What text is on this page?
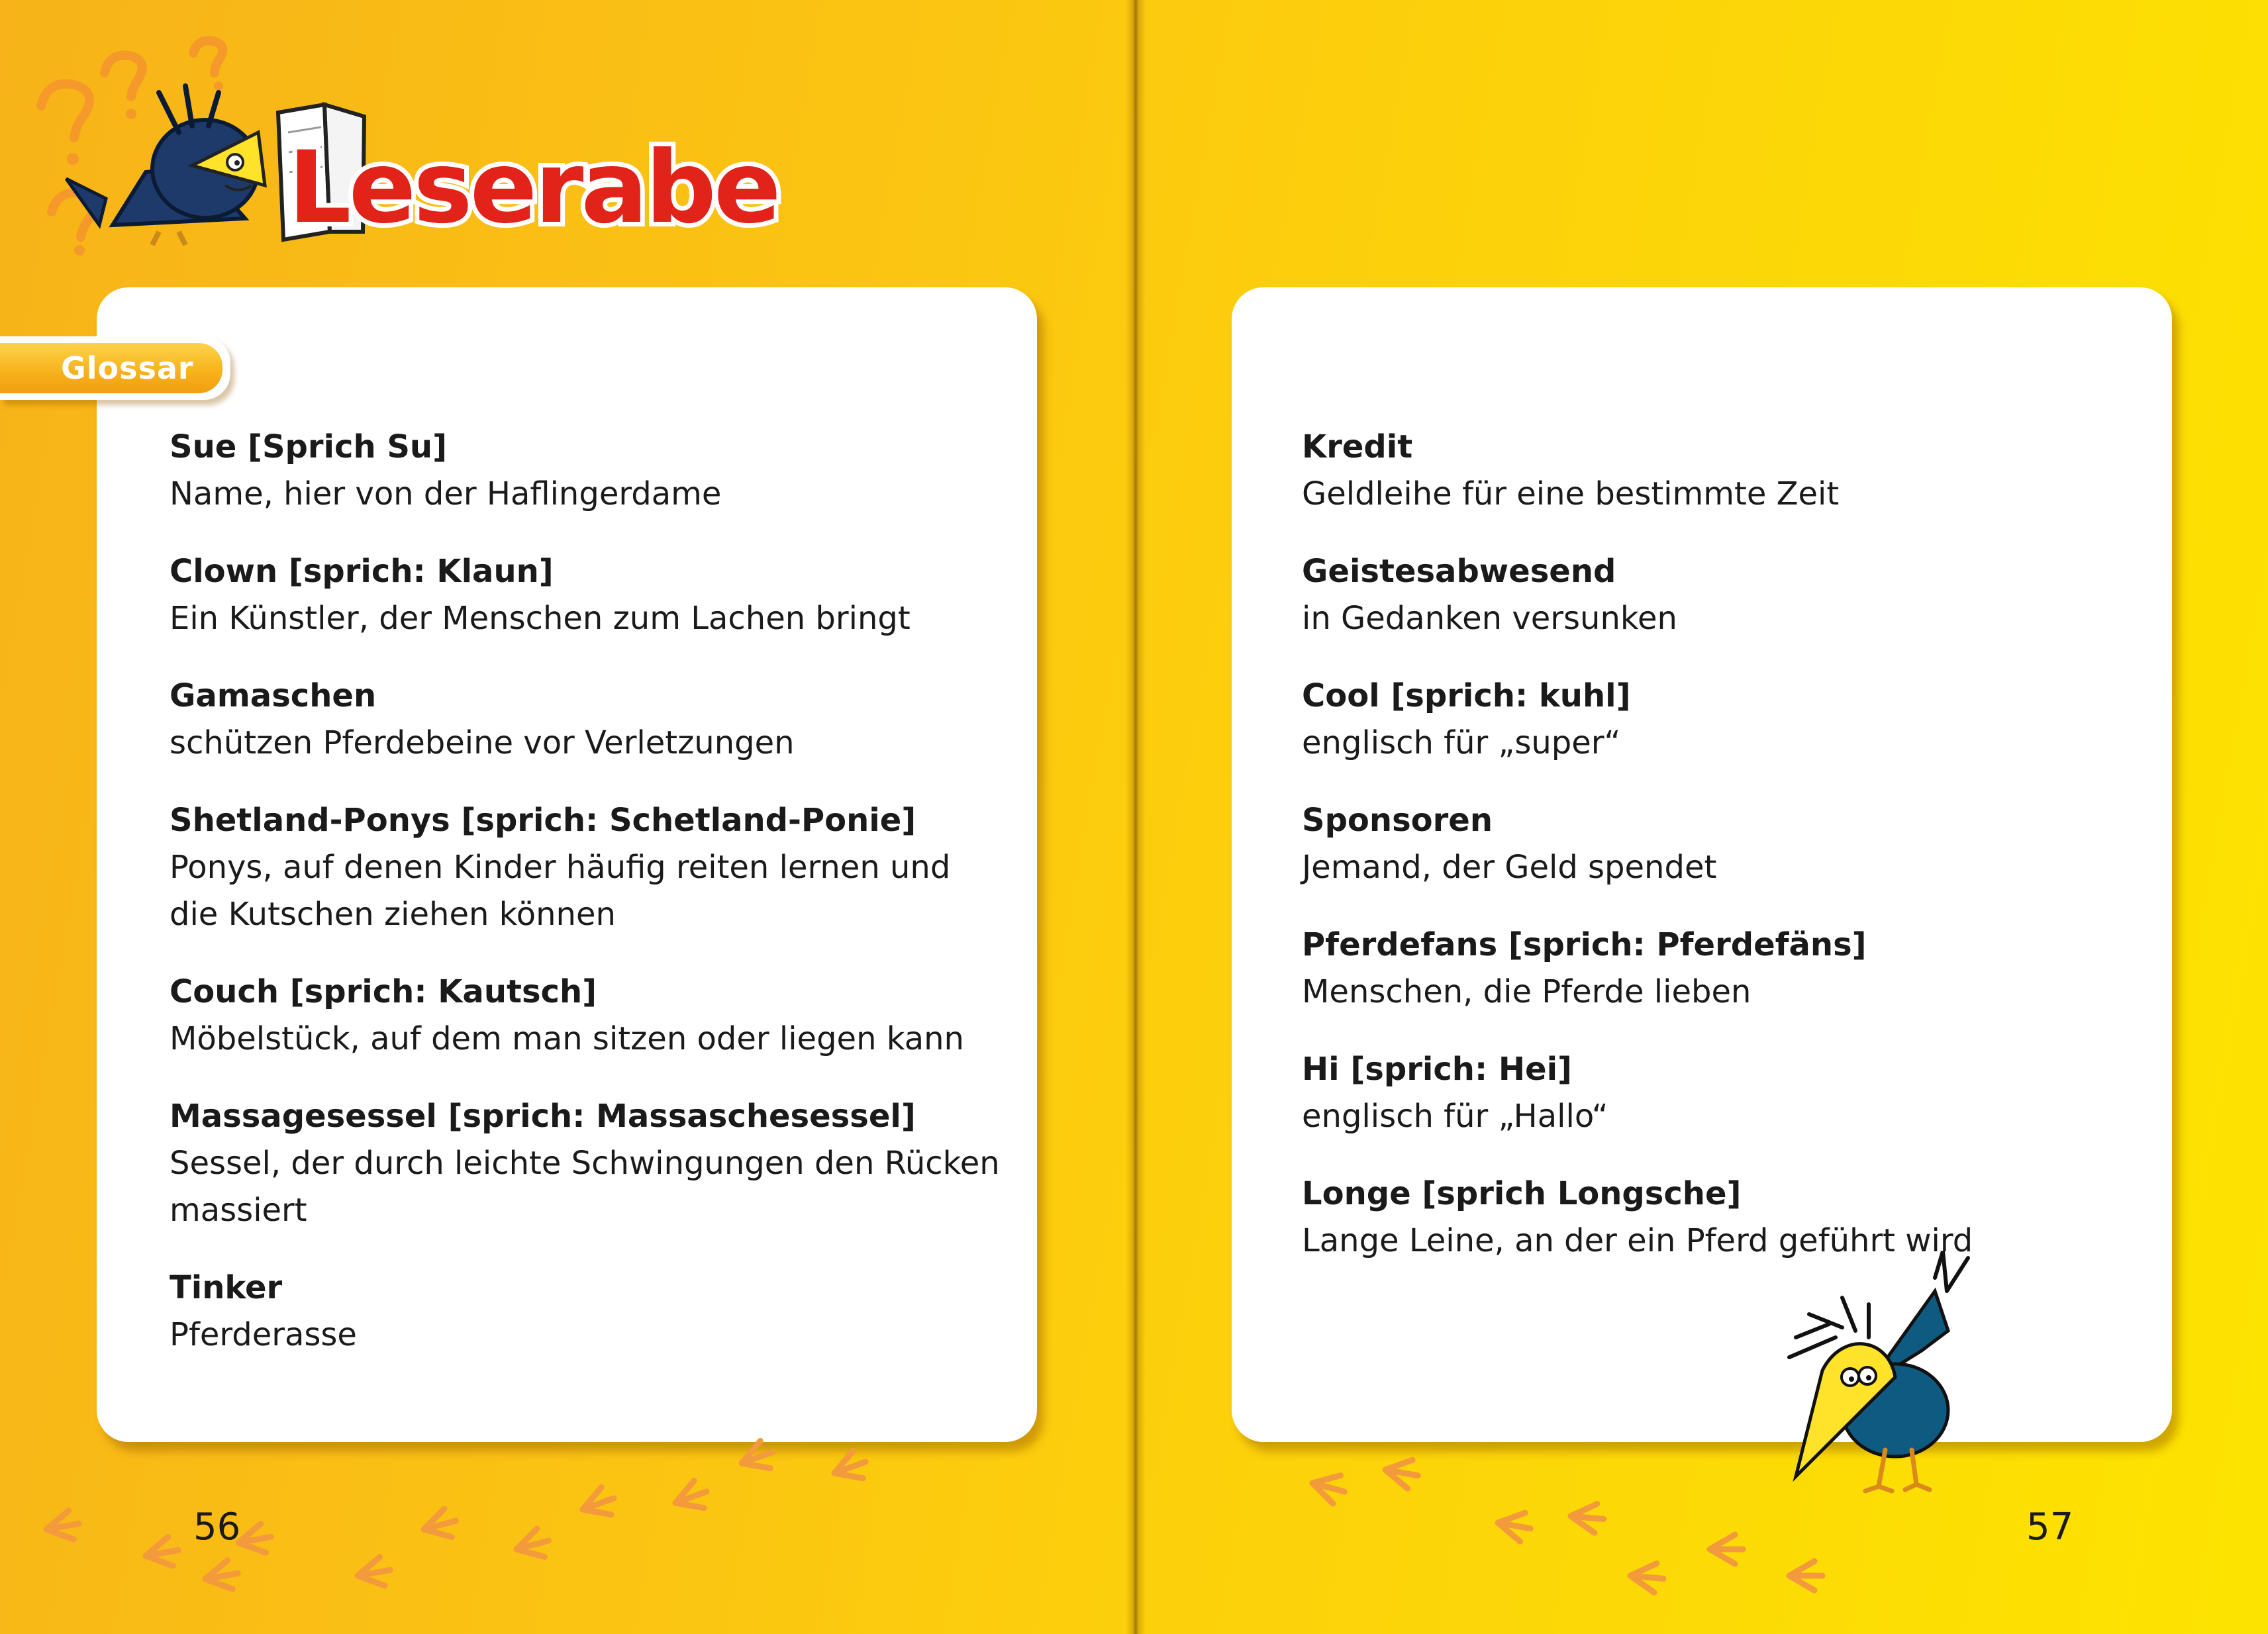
Leserabe
Glossar
Sue [Sprich Su]
Name, hier von der Haflingerdame
Clown [sprich: Klaun]
Ein Künstler, der Menschen zum Lachen bringt
Gamaschen
schützen Pferdebeine vor Verletzungen
Shetland-Ponys [sprich: Schetland-Ponie]
Ponys, auf denen Kinder häufig reiten lernen und die Kutschen ziehen können
Couch [sprich: Kautsch]
Möbelstück, auf dem man sitzen oder liegen kann
Massagesessel [sprich: Massaschesessel]
Sessel, der durch leichte Schwingungen den Rücken massiert
Tinker
Pferderasse
56
Kredit
Geldleihe für eine bestimmte Zeit
Geistesabwesend
in Gedanken versunken
Cool [sprich: kuhl]
englisch für „super“
Sponsoren
Jemand, der Geld spendet
Pferdefans [sprich: Pferdefäns]
Menschen, die Pferde lieben
Hi [sprich: Hei]
englisch für „Hallo“
Longe [sprich Longsche]
Lange Leine, an der ein Pferd geführt wird
57
